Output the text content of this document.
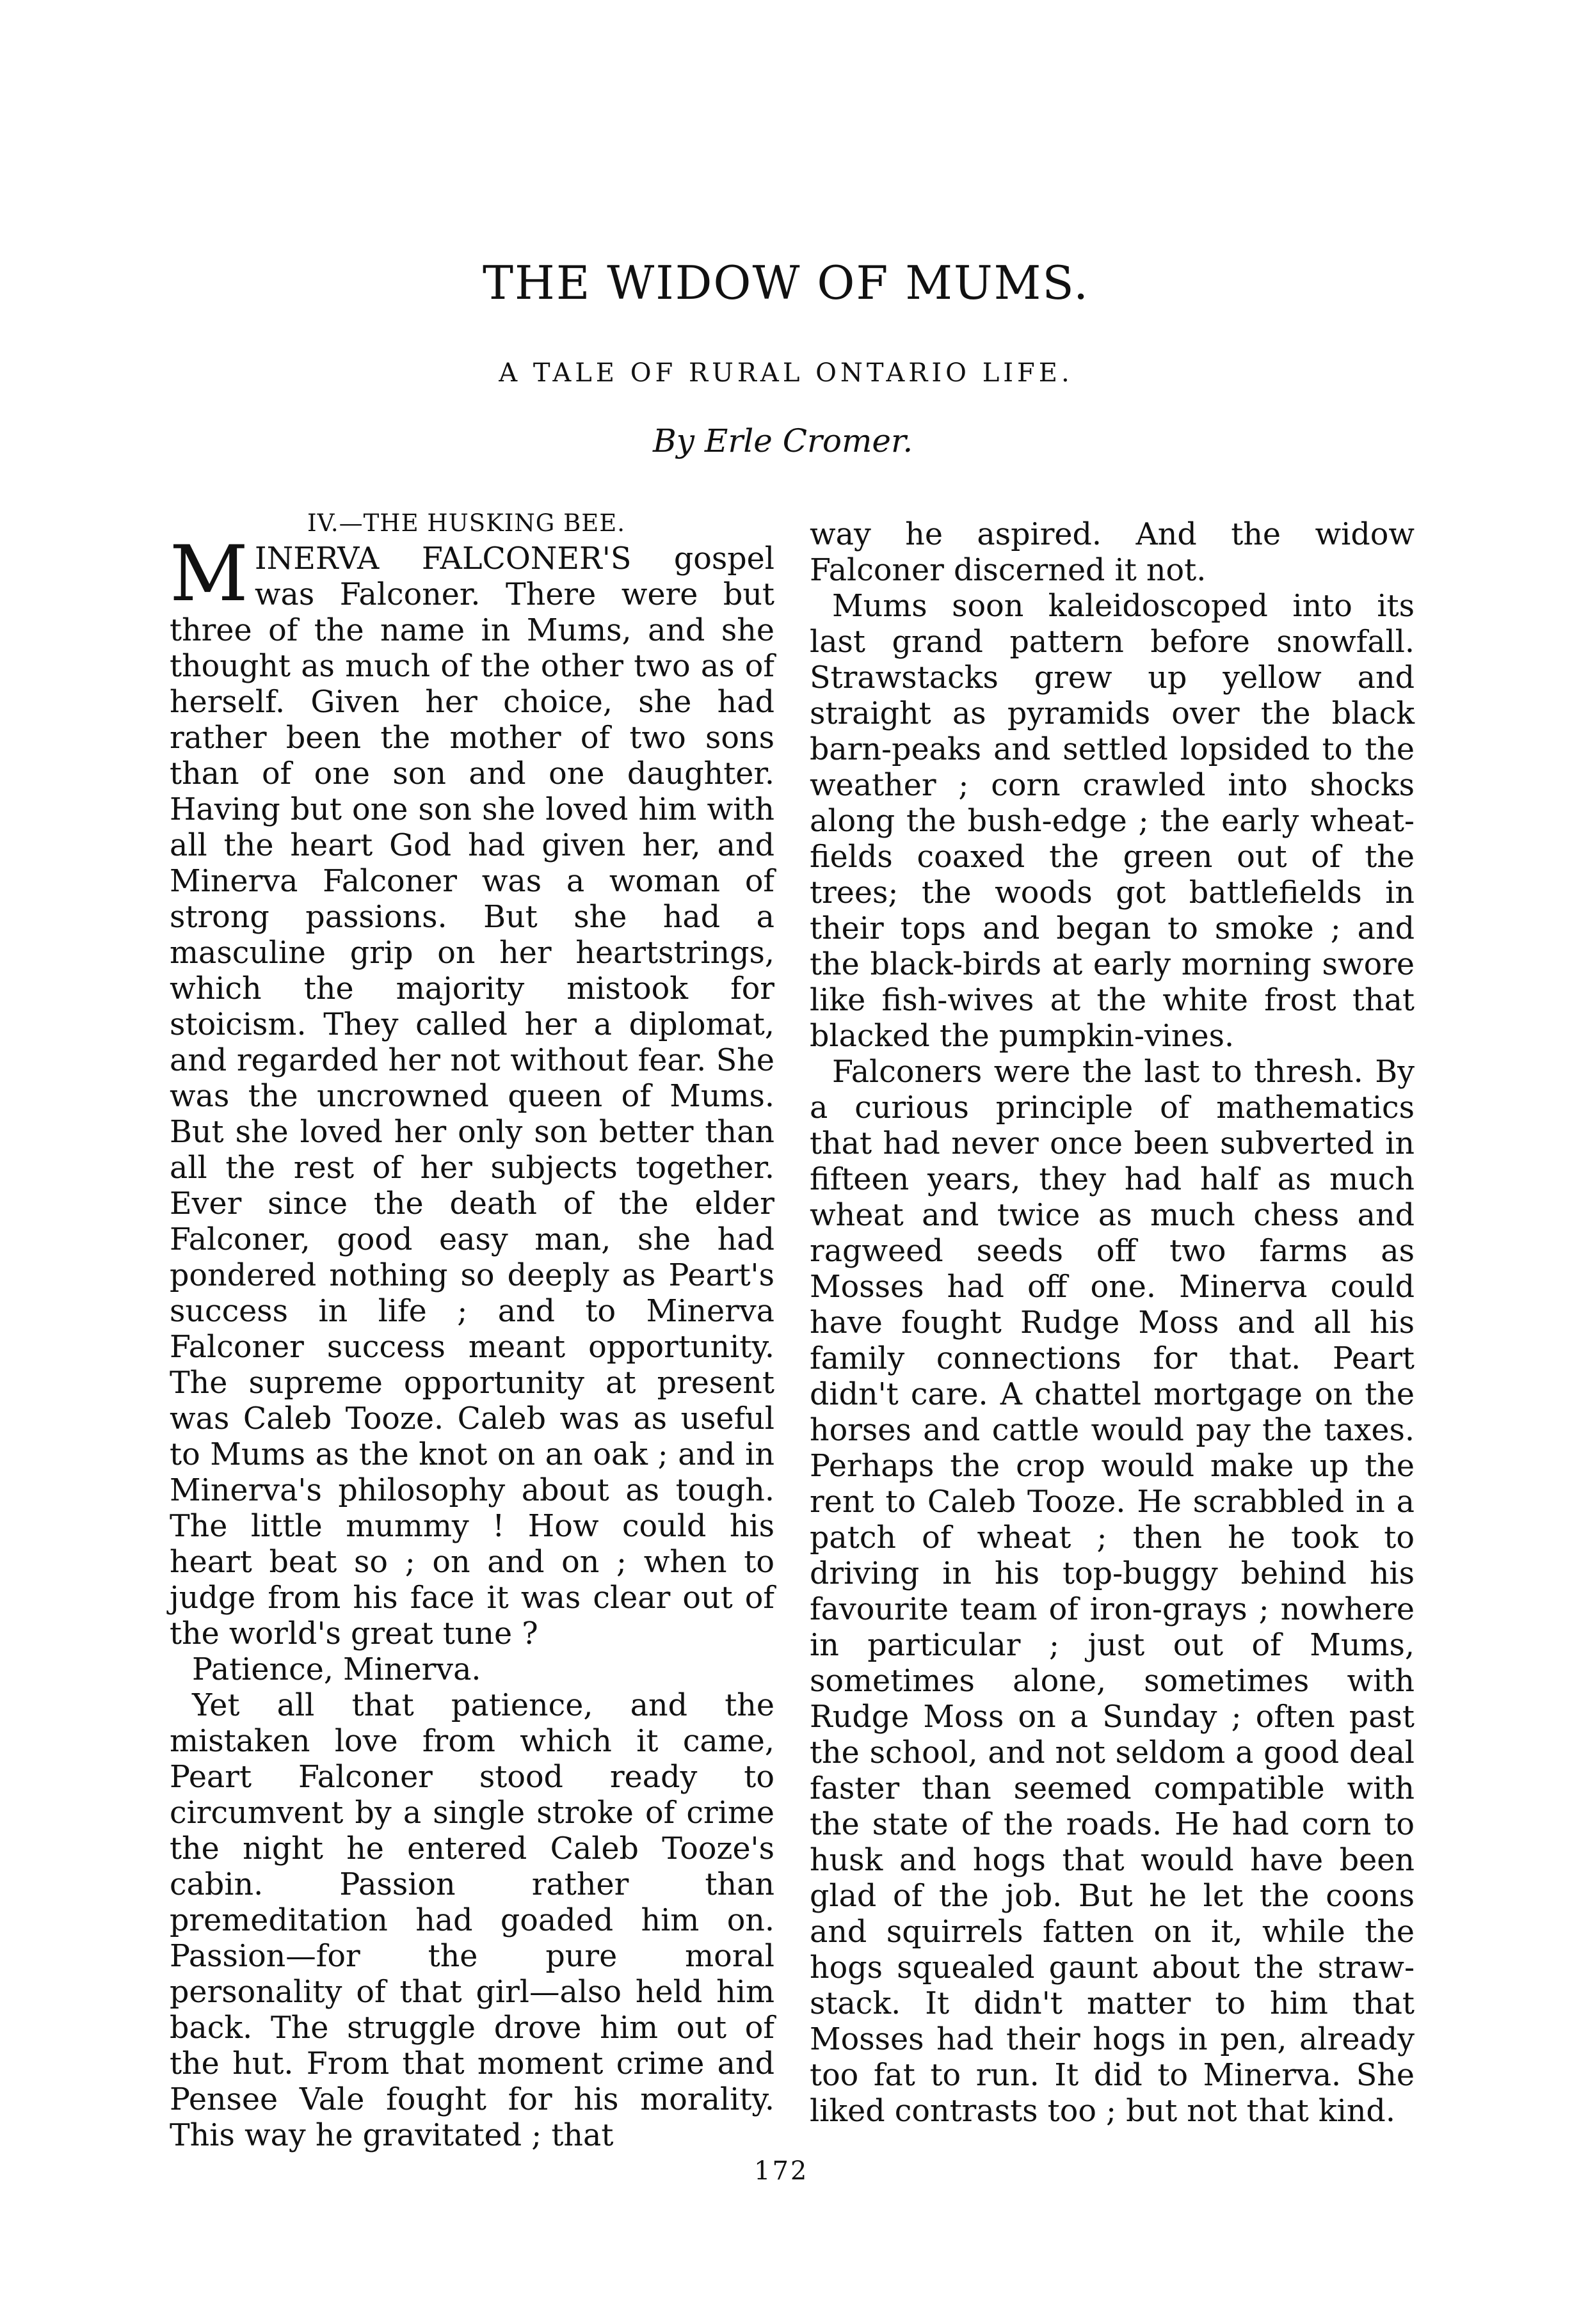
THE WIDOW OF MUMS.
A TALE OF RURAL ONTARIO LIFE.
By Erle Cromer.
IV.—THE HUSKING BEE.

MINERVA FALCONER'S gospel was Falconer. There were but three of the name in Mums, and she thought as much of the other two as of herself. Given her choice, she had rather been the mother of two sons than of one son and one daughter. Having but one son she loved him with all the heart God had given her, and Minerva Falconer was a woman of strong passions. But she had a masculine grip on her heartstrings, which the majority mistook for stoicism. They called her a diplomat, and regarded her not without fear. She was the uncrowned queen of Mums. But she loved her only son better than all the rest of her subjects together. Ever since the death of the elder Falconer, good easy man, she had pondered nothing so deeply as Peart's success in life ; and to Minerva Falconer success meant opportunity. The supreme opportunity at present was Caleb Tooze. Caleb was as useful to Mums as the knot on an oak ; and in Minerva's philosophy about as tough. The little mummy ! How could his heart beat so ; on and on ; when to judge from his face it was clear out of the world's great tune ?

Patience, Minerva.

Yet all that patience, and the mistaken love from which it came, Peart Falconer stood ready to circumvent by a single stroke of crime the night he entered Caleb Tooze's cabin. Passion rather than premeditation had goaded him on. Passion—for the pure moral personality of that girl—also held him back. The struggle drove him out of the hut. From that moment crime and Pensee Vale fought for his morality. This way he gravitated ; that

way he aspired. And the widow Falconer discerned it not.

Mums soon kaleidoscoped into its last grand pattern before snowfall. Strawstacks grew up yellow and straight as pyramids over the black barn-peaks and settled lopsided to the weather ; corn crawled into shocks along the bush-edge ; the early wheat-fields coaxed the green out of the trees; the woods got battlefields in their tops and began to smoke ; and the black-birds at early morning swore like fish-wives at the white frost that blacked the pumpkin-vines.

Falconers were the last to thresh. By a curious principle of mathematics that had never once been subverted in fifteen years, they had half as much wheat and twice as much chess and ragweed seeds off two farms as Mosses had off one. Minerva could have fought Rudge Moss and all his family connections for that. Peart didn't care. A chattel mortgage on the horses and cattle would pay the taxes. Perhaps the crop would make up the rent to Caleb Tooze. He scrabbled in a patch of wheat ; then he took to driving in his top-buggy behind his favourite team of iron-grays ; nowhere in particular ; just out of Mums, sometimes alone, sometimes with Rudge Moss on a Sunday ; often past the school, and not seldom a good deal faster than seemed compatible with the state of the roads. He had corn to husk and hogs that would have been glad of the job. But he let the coons and squirrels fatten on it, while the hogs squealed gaunt about the straw-stack. It didn't matter to him that Mosses had their hogs in pen, already too fat to run. It did to Minerva. She liked contrasts too ; but not that kind.

172
